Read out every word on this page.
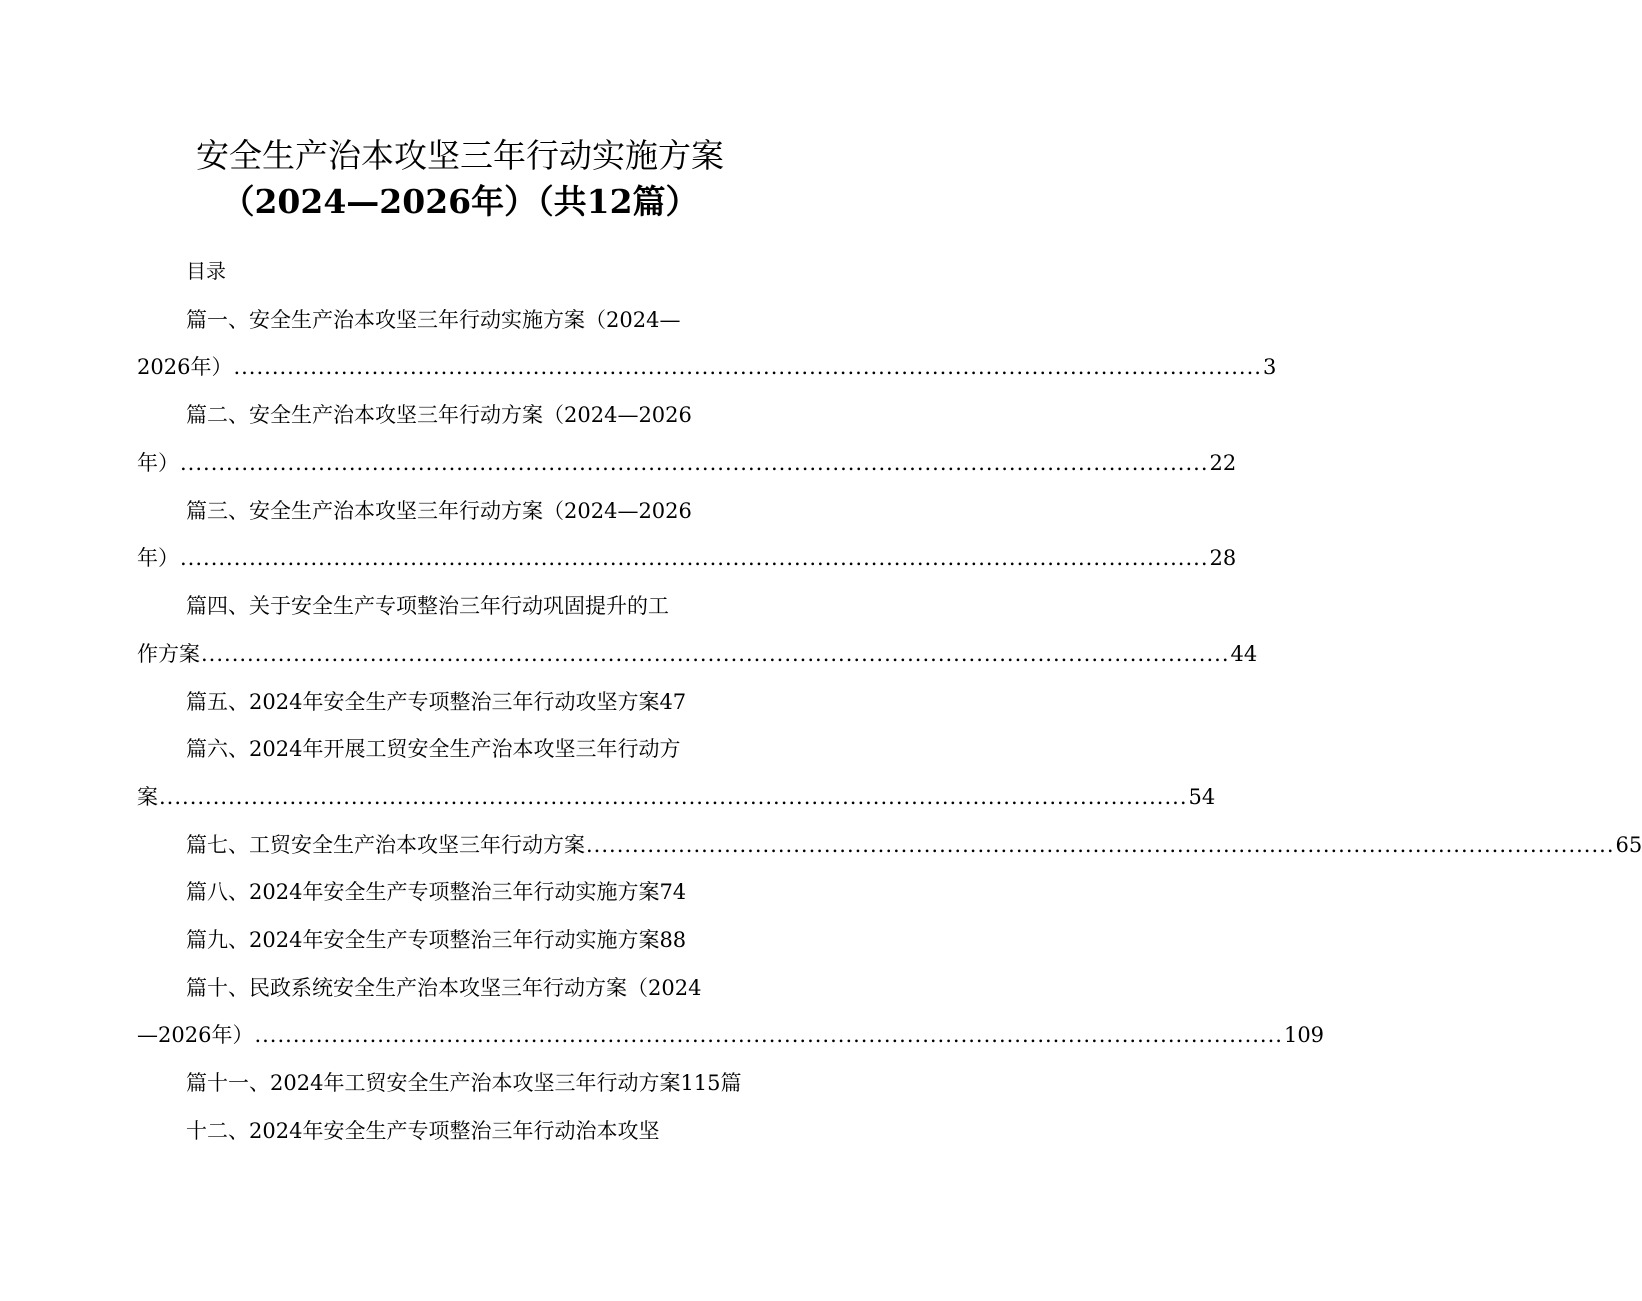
安全生产治本攻坚三年行动实施方案
（2024—2026年）（共12篇）
目录
篇一、安全生产治本攻坚三年行动实施方案（2024—
2026年） ...................................................................................................................................... 3
篇二、安全生产治本攻坚三年行动方案（2024—2026
年） ...................................................................................................................................... 22
篇三、安全生产治本攻坚三年行动方案（2024—2026
年） ...................................................................................................................................... 28
篇四、关于安全生产专项整治三年行动巩固提升的工
作方案 ...................................................................................................................................... 44
篇五、2024年安全生产专项整治三年行动攻坚方案47
篇六、2024年开展工贸安全生产治本攻坚三年行动方
案 ...................................................................................................................................... 54
篇七、工贸安全生产治本攻坚三年行动方案 ...................................................................................................................................... 65
篇八、2024年安全生产专项整治三年行动实施方案74
篇九、2024年安全生产专项整治三年行动实施方案88
篇十、民政系统安全生产治本攻坚三年行动方案（2024
—2026年） ...................................................................................................................................... 109
篇十一、2024年工贸安全生产治本攻坚三年行动方案115篇
十二、2024年安全生产专项整治三年行动治本攻坚
